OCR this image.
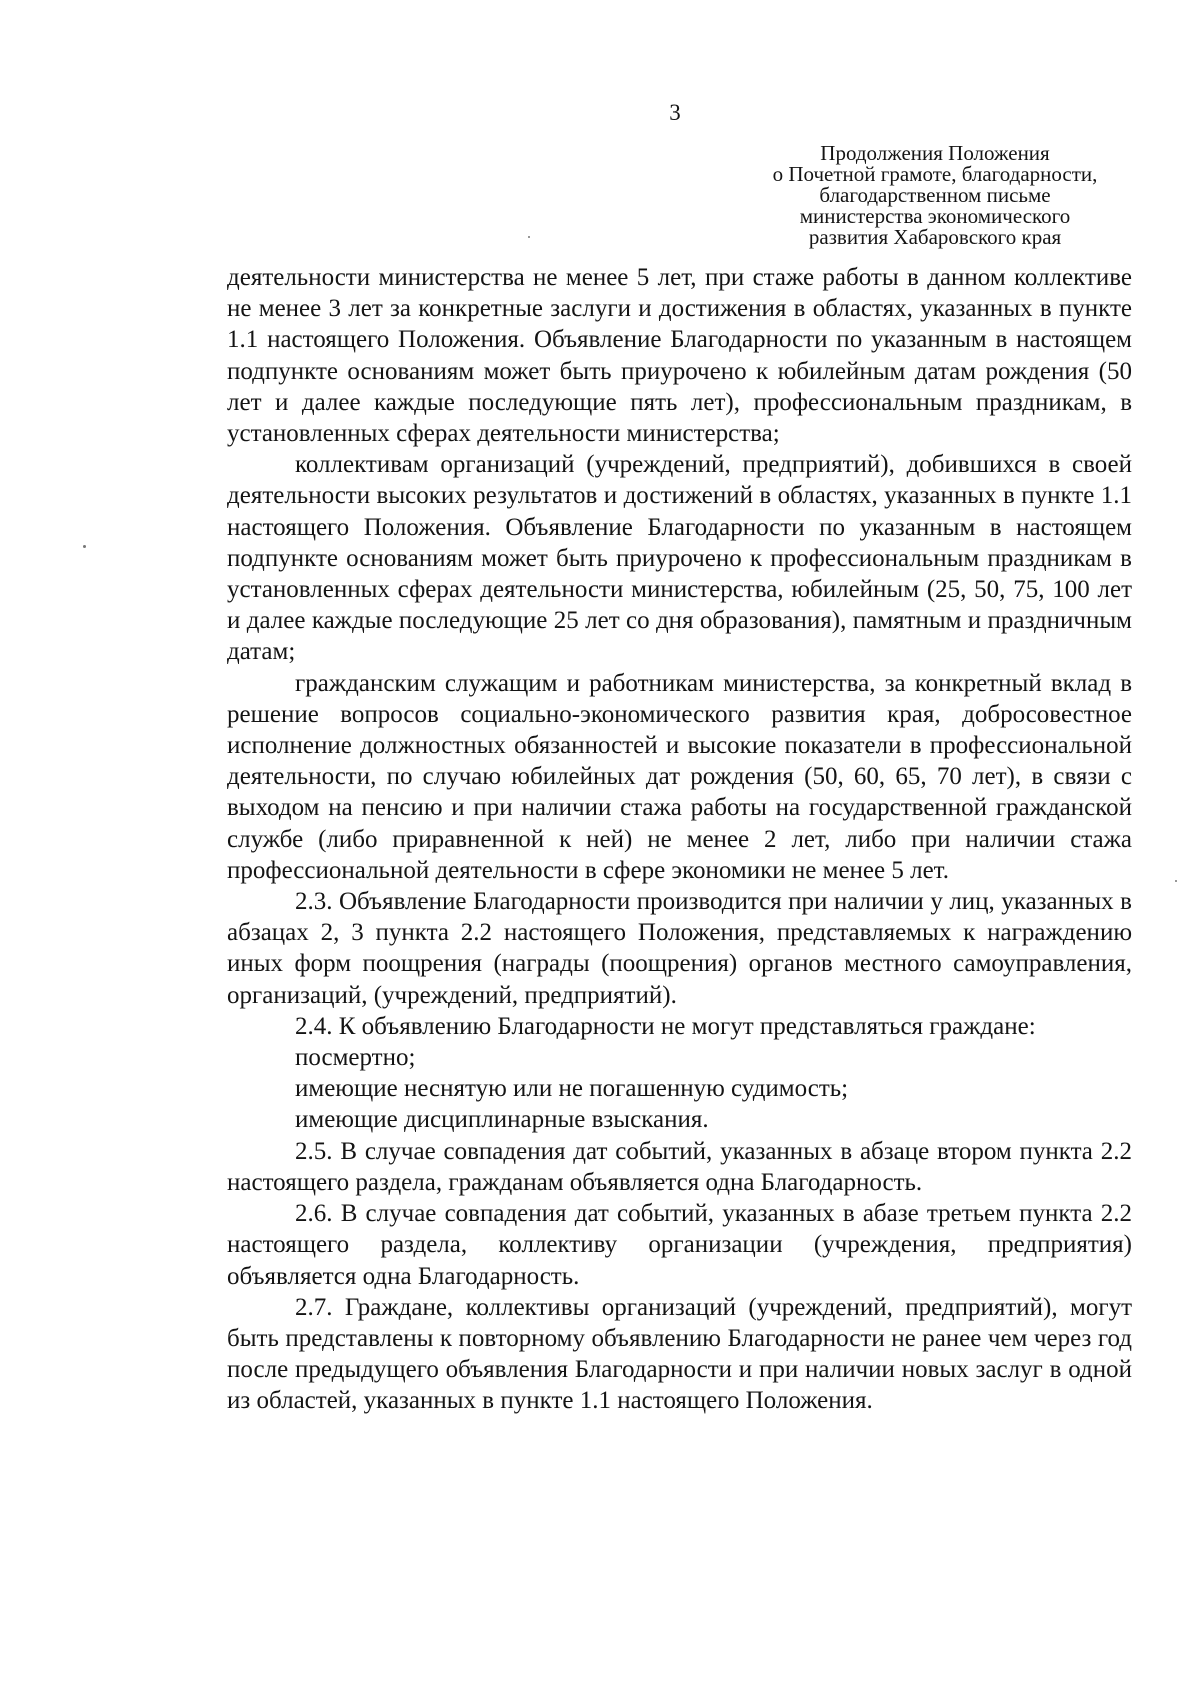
3
Продолжения Положения
о Почетной грамоте, благодарности,
благодарственном письме
министерства экономического
развития Хабаровского края

деятельности министерства не менее 5 лет, при стаже работы в данном коллективе не менее 3 лет за конкретные заслуги и достижения в областях, указанных в пункте 1.1 настоящего Положения. Объявление Благодарности по указанным в настоящем подпункте основаниям может быть приурочено к юбилейным датам рождения (50 лет и далее каждые последующие пять лет), профессиональным праздникам, в установленных сферах деятельности министерства;

коллективам организаций (учреждений, предприятий), добившихся в своей деятельности высоких результатов и достижений в областях, указанных в пункте 1.1 настоящего Положения. Объявление Благодарности по указанным в настоящем подпункте основаниям может быть приурочено к профессиональным праздникам в установленных сферах деятельности министерства, юбилейным (25, 50, 75, 100 лет и далее каждые последующие 25 лет со дня образования), памятным и праздничным датам;

гражданским служащим и работникам министерства, за конкретный вклад в решение вопросов социально-экономического развития края, добросовестное исполнение должностных обязанностей и высокие показатели в профессиональной деятельности, по случаю юбилейных дат рождения (50, 60, 65, 70 лет), в связи с выходом на пенсию и при наличии стажа работы на государственной гражданской службе (либо приравненной к ней) не менее 2 лет, либо при наличии стажа профессиональной деятельности в сфере экономики не менее 5 лет.

2.3. Объявление Благодарности производится при наличии у лиц, указанных в абзацах 2, 3 пункта 2.2 настоящего Положения, представляемых к награждению иных форм поощрения (награды (поощрения) органов местного самоуправления, организаций, (учреждений, предприятий).

2.4. К объявлению Благодарности не могут представляться граждане:

посмертно;

имеющие неснятую или не погашенную судимость;

имеющие дисциплинарные взыскания.

2.5. В случае совпадения дат событий, указанных в абзаце втором пункта 2.2 настоящего раздела, гражданам объявляется одна Благодарность.

2.6. В случае совпадения дат событий, указанных в абазе третьем пункта 2.2 настоящего раздела, коллективу организации (учреждения, предприятия) объявляется одна Благодарность.

2.7. Граждане, коллективы организаций (учреждений, предприятий), могут быть представлены к повторному объявлению Благодарности не ранее чем через год после предыдущего объявления Благодарности и при наличии новых заслуг в одной из областей, указанных в пункте 1.1 настоящего Положения.
